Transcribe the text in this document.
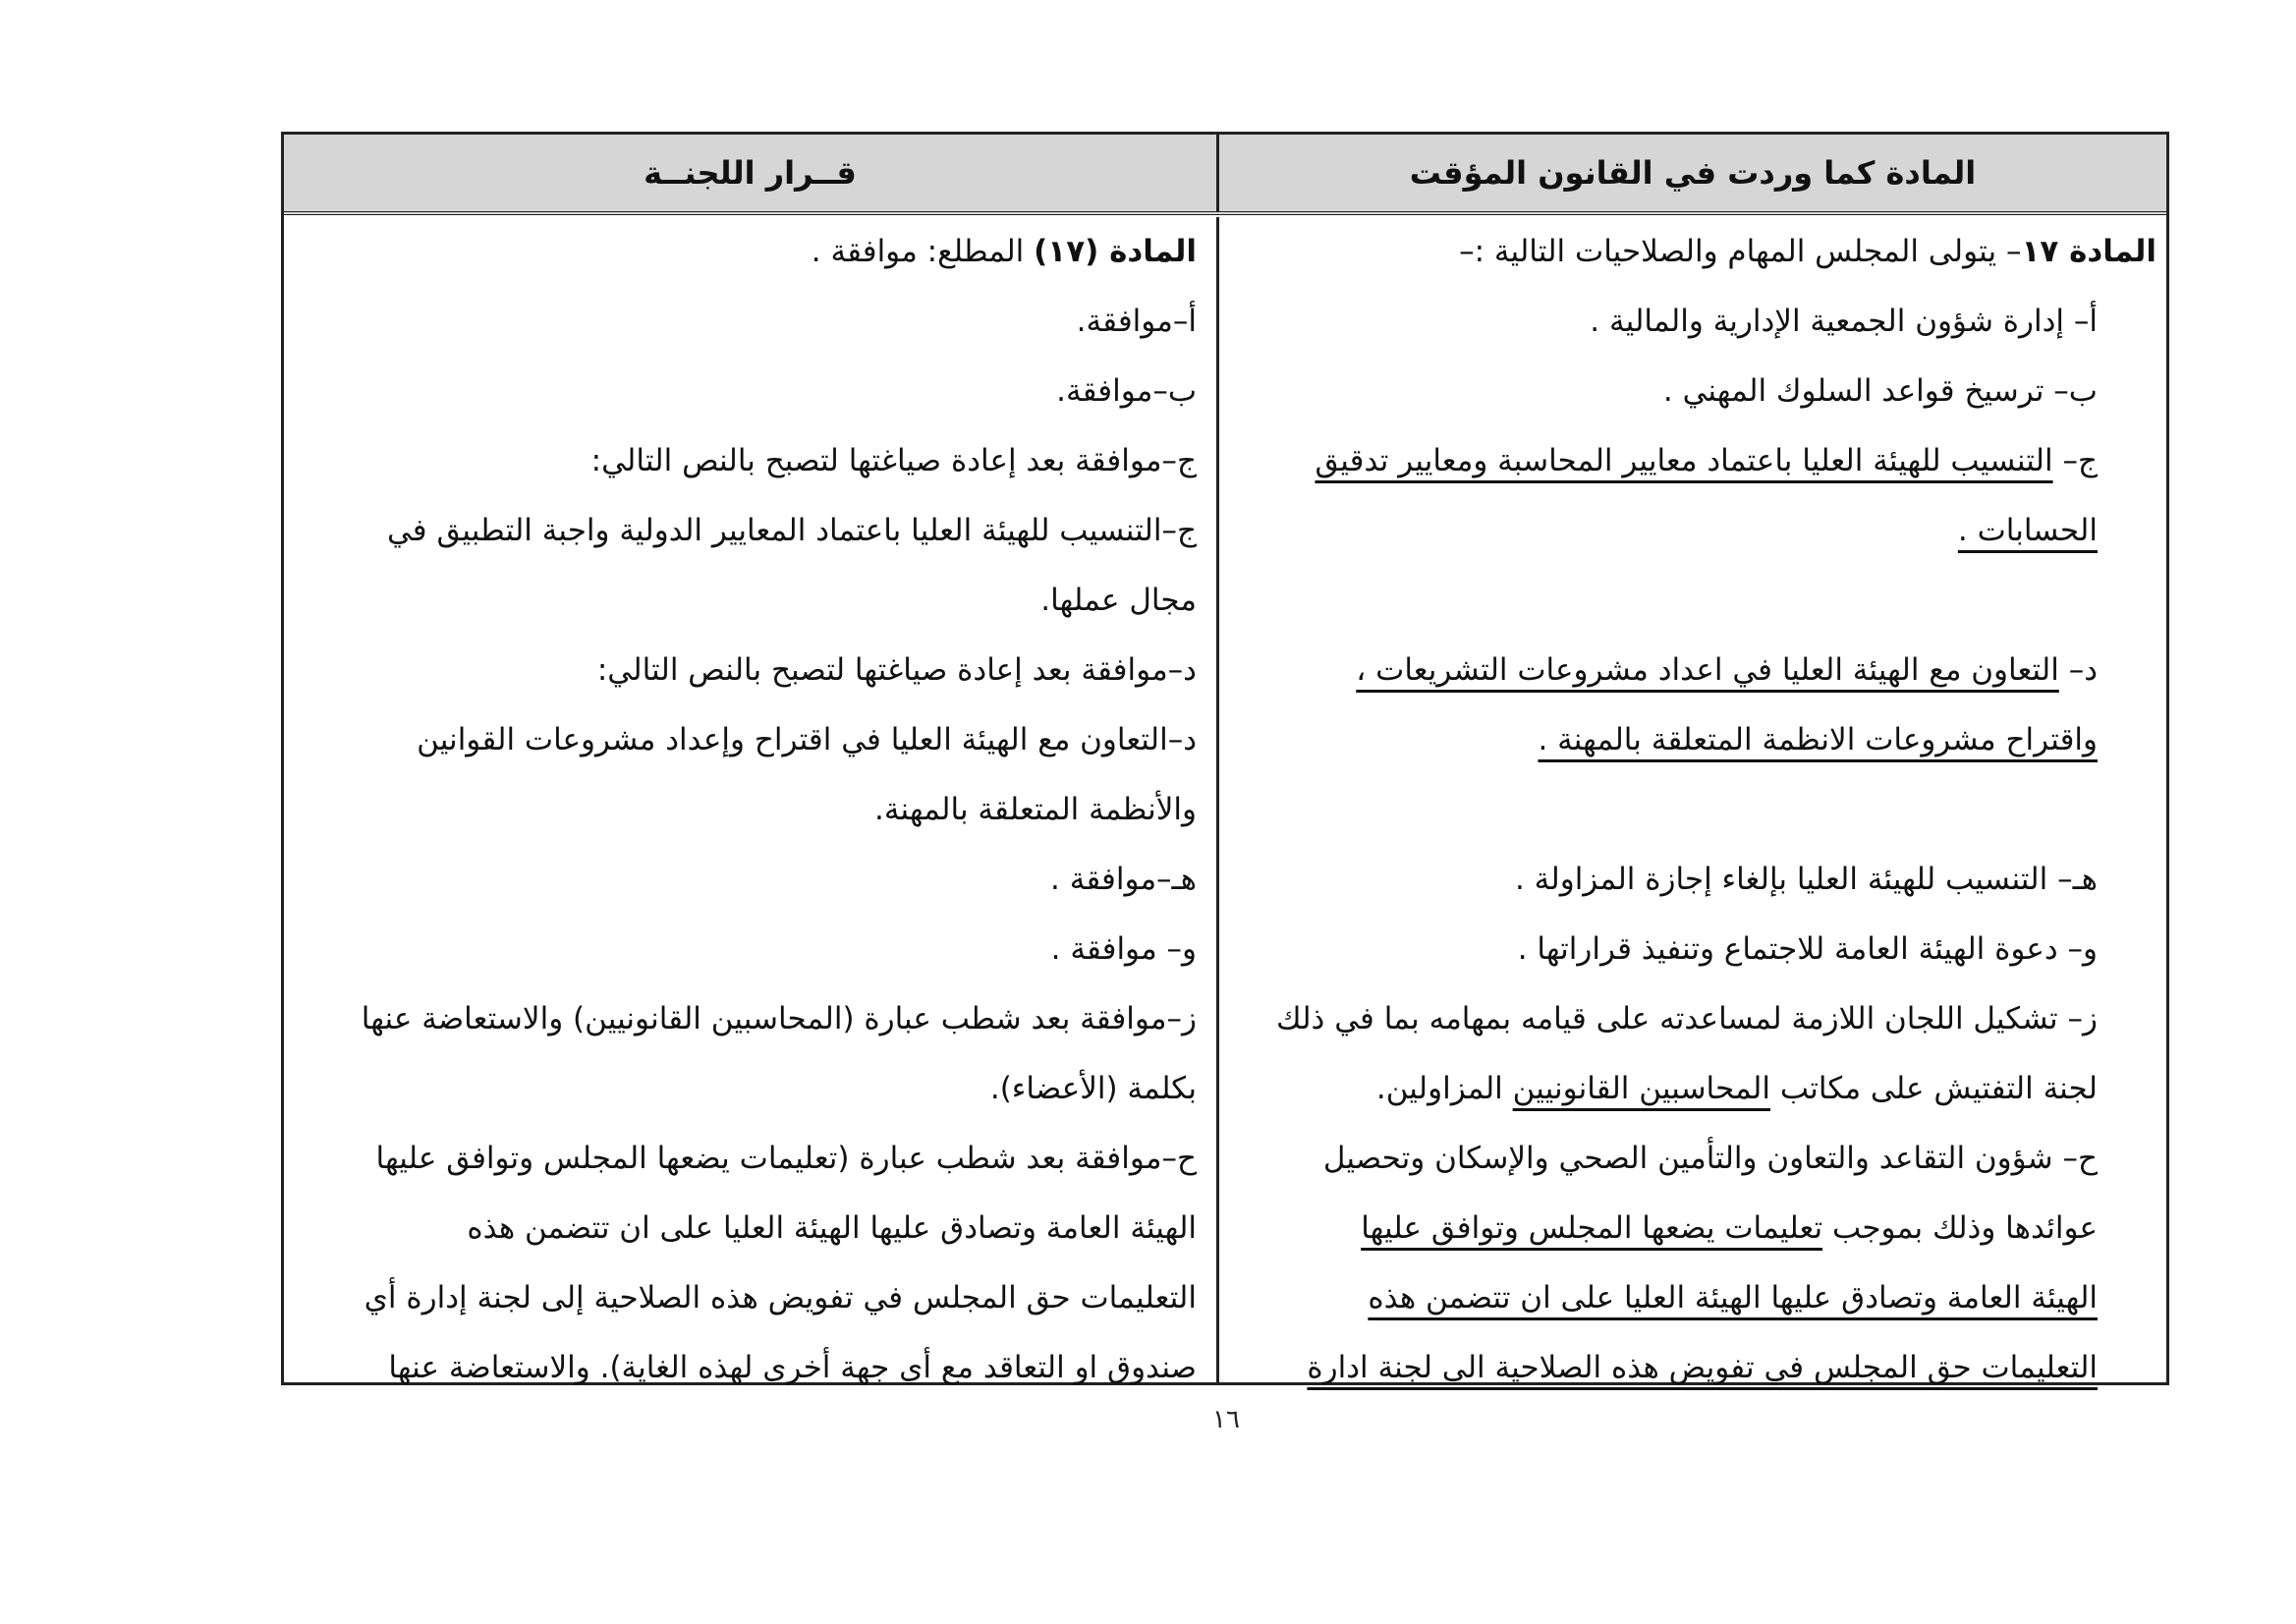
المادة كما وردت في القانون المؤقت
قــرار اللجنــة
المادة ١٧– يتولى المجلس المهام والصلاحيات التالية :–
أ– إدارة شؤون الجمعية الإدارية والمالية .
ب– ترسيخ قواعد السلوك المهني .
ج– التنسيب للهيئة العليا باعتماد معايير المحاسبة ومعايير تدقيق
الحسابات .
د– التعاون مع الهيئة العليا في اعداد مشروعات التشريعات ،
واقتراح مشروعات الانظمة المتعلقة بالمهنة .
هـ– التنسيب للهيئة العليا بإلغاء إجازة المزاولة .
و– دعوة الهيئة العامة للاجتماع وتنفيذ قراراتها .
ز– تشكيل اللجان اللازمة لمساعدته على قيامه بمهامه بما في ذلك
لجنة التفتيش على مكاتب المحاسبين القانونيين المزاولين.
ح– شؤون التقاعد والتعاون والتأمين الصحي والإسكان وتحصيل
عوائدها وذلك بموجب تعليمات يضعها المجلس وتوافق عليها
الهيئة العامة وتصادق عليها الهيئة العليا على ان تتضمن هذه
التعليمات حق المجلس في تفويض هذه الصلاحية الى لجنة ادارة
المادة (١٧) المطلع: موافقة .
أ–موافقة.
ب–موافقة.
ج–موافقة بعد إعادة صياغتها لتصبح بالنص التالي:
ج–التنسيب للهيئة العليا باعتماد المعايير الدولية واجبة التطبيق في
مجال عملها.
د–موافقة بعد إعادة صياغتها لتصبح بالنص التالي:
د–التعاون مع الهيئة العليا في اقتراح وإعداد مشروعات القوانين
والأنظمة المتعلقة بالمهنة.
هـ–موافقة .
و– موافقة .
ز–موافقة بعد شطب عبارة (المحاسبين القانونيين) والاستعاضة عنها
بكلمة (الأعضاء).
ح–موافقة بعد شطب عبارة (تعليمات يضعها المجلس وتوافق عليها
الهيئة العامة وتصادق عليها الهيئة العليا على ان تتضمن هذه
التعليمات حق المجلس في تفويض هذه الصلاحية إلى لجنة إدارة أي
صندوق او التعاقد مع أي جهة أخرى لهذه الغاية). والاستعاضة عنها
١٦
